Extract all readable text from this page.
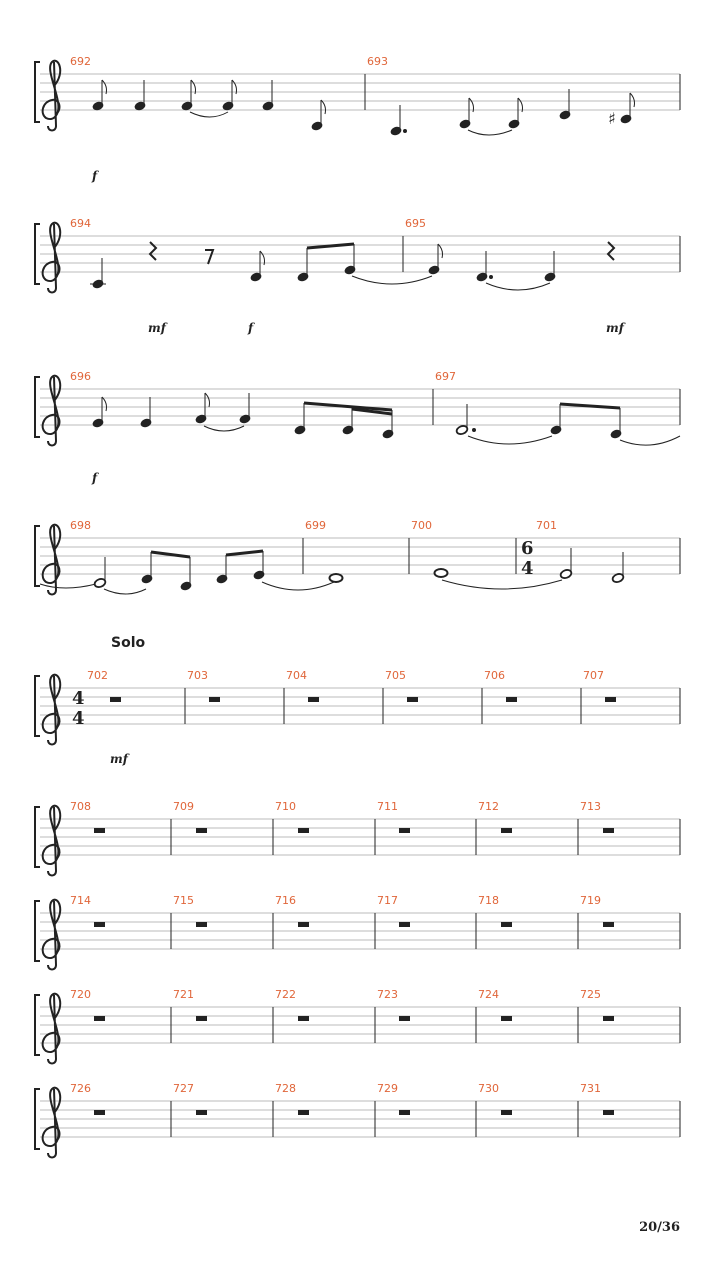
692	693
♯
f
694	695
mf	f	mf
696	697
f
698	699	700	701
6
4
Solo
4
4
702	703	704	705	706	707
mf
708	709	710	711	712	713
714	715	716	717	718	719
720	721	722	723	724	725
726	727	728	729	730	731
20/36
